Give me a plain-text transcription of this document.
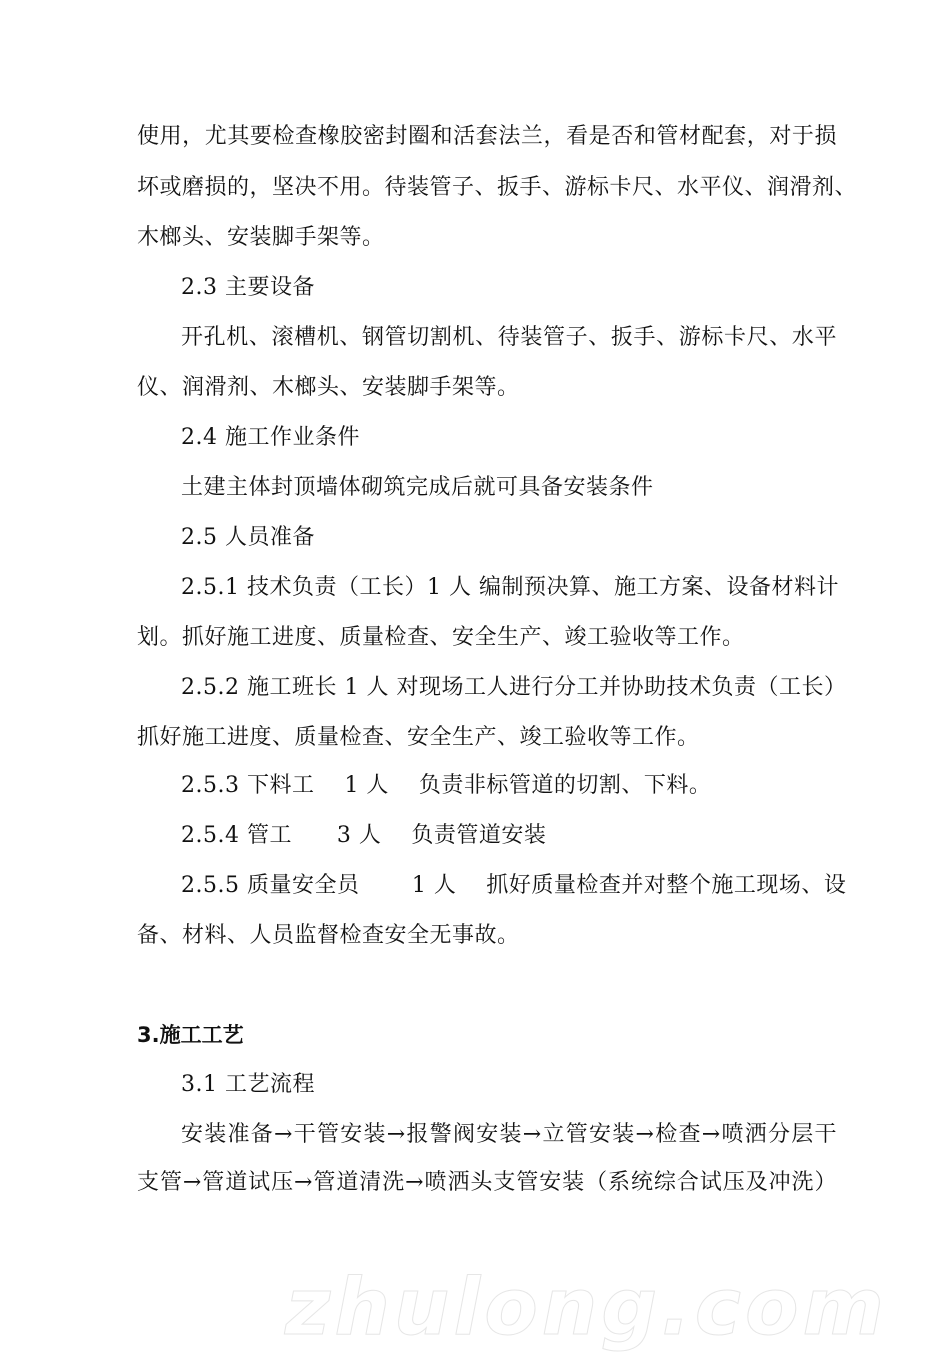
使用，尤其要检查橡胶密封圈和活套法兰，看是否和管材配套，对于损
坏或磨损的，坚决不用。待装管子、扳手、游标卡尺、水平仪、润滑剂、
木榔头、安装脚手架等。
2.3 主要设备
开孔机、滚槽机、钢管切割机、待装管子、扳手、游标卡尺、水平
仪、润滑剂、木榔头、安装脚手架等。
2.4 施工作业条件
土建主体封顶墙体砌筑完成后就可具备安装条件
2.5 人员准备
2.5.1 技术负责（工长）1 人 编制预决算、施工方案、设备材料计
划。抓好施工进度、质量检查、安全生产、竣工验收等工作。
2.5.2 施工班长 1 人 对现场工人进行分工并协助技术负责（工长）
抓好施工进度、质量检查、安全生产、竣工验收等工作。
2.5.3 下料工    1 人    负责非标管道的切割、下料。
2.5.4 管工      3 人    负责管道安装
2.5.5 质量安全员       1 人    抓好质量检查并对整个施工现场、设
备、材料、人员监督检查安全无事故。
3.施工工艺
3.1 工艺流程
安装准备→干管安装→报警阀安装→立管安装→检查→喷洒分层干
支管→管道试压→管道清洗→喷洒头支管安装（系统综合试压及冲洗）
zhulong.com
